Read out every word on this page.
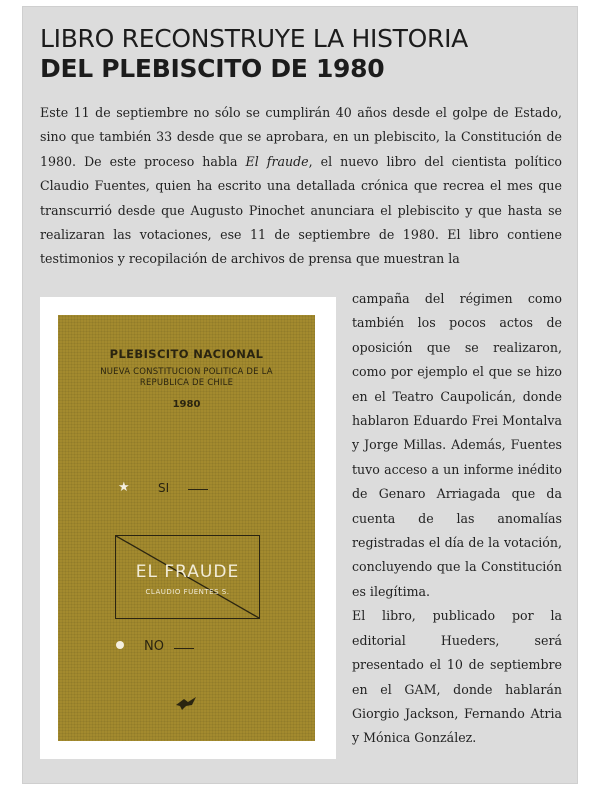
LIBRO RECONSTRUYE LA HISTORIA
DEL PLEBISCITO DE 1980
Este 11 de septiembre no sólo se cumplirán 40 años desde el golpe de Estado, sino que también 33 desde que se aprobara, en un plebiscito, la Constitución de 1980. De este proceso habla El fraude, el nuevo libro del cientista político Claudio Fuentes, quien ha escrito una detallada crónica que recrea el mes que transcurrió desde que Augusto Pinochet anunciara el plebiscito y que hasta se realizaran las votaciones, ese 11 de septiembre de 1980. El libro contiene testimonios y recopilación de archivos de prensa que muestran la

campaña del régimen como también los pocos actos de oposición que se realizaron, como por ejemplo el que se hizo en el Teatro Caupolicán, donde hablaron Eduardo Frei Montalva y Jorge Millas. Además, Fuentes tuvo acceso a un informe inédito de Genaro Arriagada que da cuenta de las anomalías registradas el día de la votación, concluyendo que la Constitución es ilegítima.

El libro, publicado por la editorial Hueders, será presentado el 10 de septiembre en el GAM, donde hablarán Giorgio Jackson, Fernando Atria y Mónica González.

PLEBISCITO NACIONAL
NUEVA CONSTITUCION POLITICA DE LA REPUBLICA DE CHILE
1980
★ SI
EL FRAUDE
CLAUDIO FUENTES S.
NO
